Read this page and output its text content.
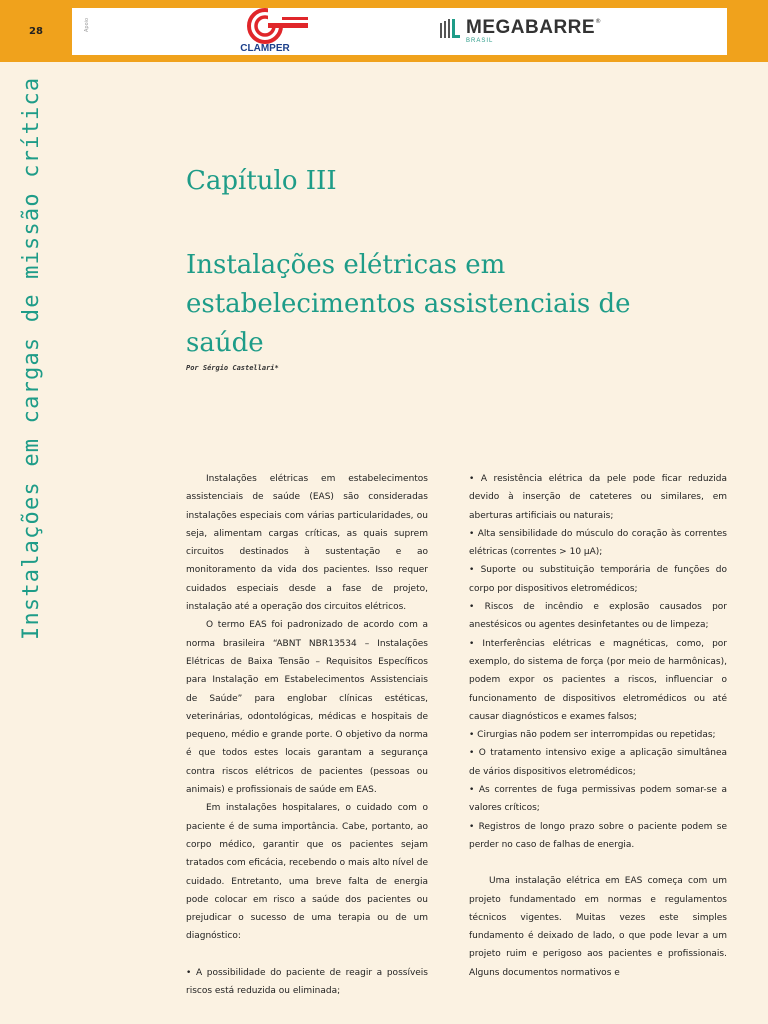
28	Apoio
CLAMPER
MEGABARRE ®
BRASIL
Instalações em cargas de missão crítica	Capítulo III
Instalações elétricas em estabelecimentos assistenciais de saúde
Por Sérgio Castellari*

Instalações elétricas em estabelecimentos assistenciais de saúde (EAS) são consideradas instalações especiais com várias particularidades, ou seja, alimentam cargas críticas, as quais suprem circuitos destinados à sustentação e ao monitoramento da vida dos pacientes. Isso requer cuidados especiais desde a fase de projeto, instalação até a operação dos circuitos elétricos.

O termo EAS foi padronizado de acordo com a norma brasileira “ABNT NBR13534 – Instalações Elétricas de Baixa Tensão – Requisitos Específicos para Instalação em Estabelecimentos Assistenciais de Saúde” para englobar clínicas estéticas, veterinárias, odontológicas, médicas e hospitais de pequeno, médio e grande porte. O objetivo da norma é que todos estes locais garantam a segurança contra riscos elétricos de pacientes (pessoas ou animais) e profissionais de saúde em EAS.

Em instalações hospitalares, o cuidado com o paciente é de suma importância. Cabe, portanto, ao corpo médico, garantir que os pacientes sejam tratados com eficácia, recebendo o mais alto nível de cuidado. Entretanto, uma breve falta de energia pode colocar em risco a saúde dos pacientes ou prejudicar o sucesso de uma terapia ou de um diagnóstico:

• A possibilidade do paciente de reagir a possíveis riscos está reduzida ou eliminada;

• A resistência elétrica da pele pode ficar reduzida devido à inserção de cateteres ou similares, em aberturas artificiais ou naturais;

• Alta sensibilidade do músculo do coração às correntes elétricas (correntes > 10 μA);

• Suporte ou substituição temporária de funções do corpo por dispositivos eletromédicos;

• Riscos de incêndio e explosão causados por anestésicos ou agentes desinfetantes ou de limpeza;

• Interferências elétricas e magnéticas, como, por exemplo, do sistema de força (por meio de harmônicas), podem expor os pacientes a riscos, influenciar o funcionamento de dispositivos eletromédicos ou até causar diagnósticos e exames falsos;

• Cirurgias não podem ser interrompidas ou repetidas;

• O tratamento intensivo exige a aplicação simultânea de vários dispositivos eletromédicos;

• As correntes de fuga permissivas podem somar-se a valores críticos;

• Registros de longo prazo sobre o paciente podem se perder no caso de falhas de energia.

Uma instalação elétrica em EAS começa com um projeto fundamentado em normas e regulamentos técnicos vigentes. Muitas vezes este simples fundamento é deixado de lado, o que pode levar a um projeto ruim e perigoso aos pacientes e profissionais. Alguns documentos normativos e
